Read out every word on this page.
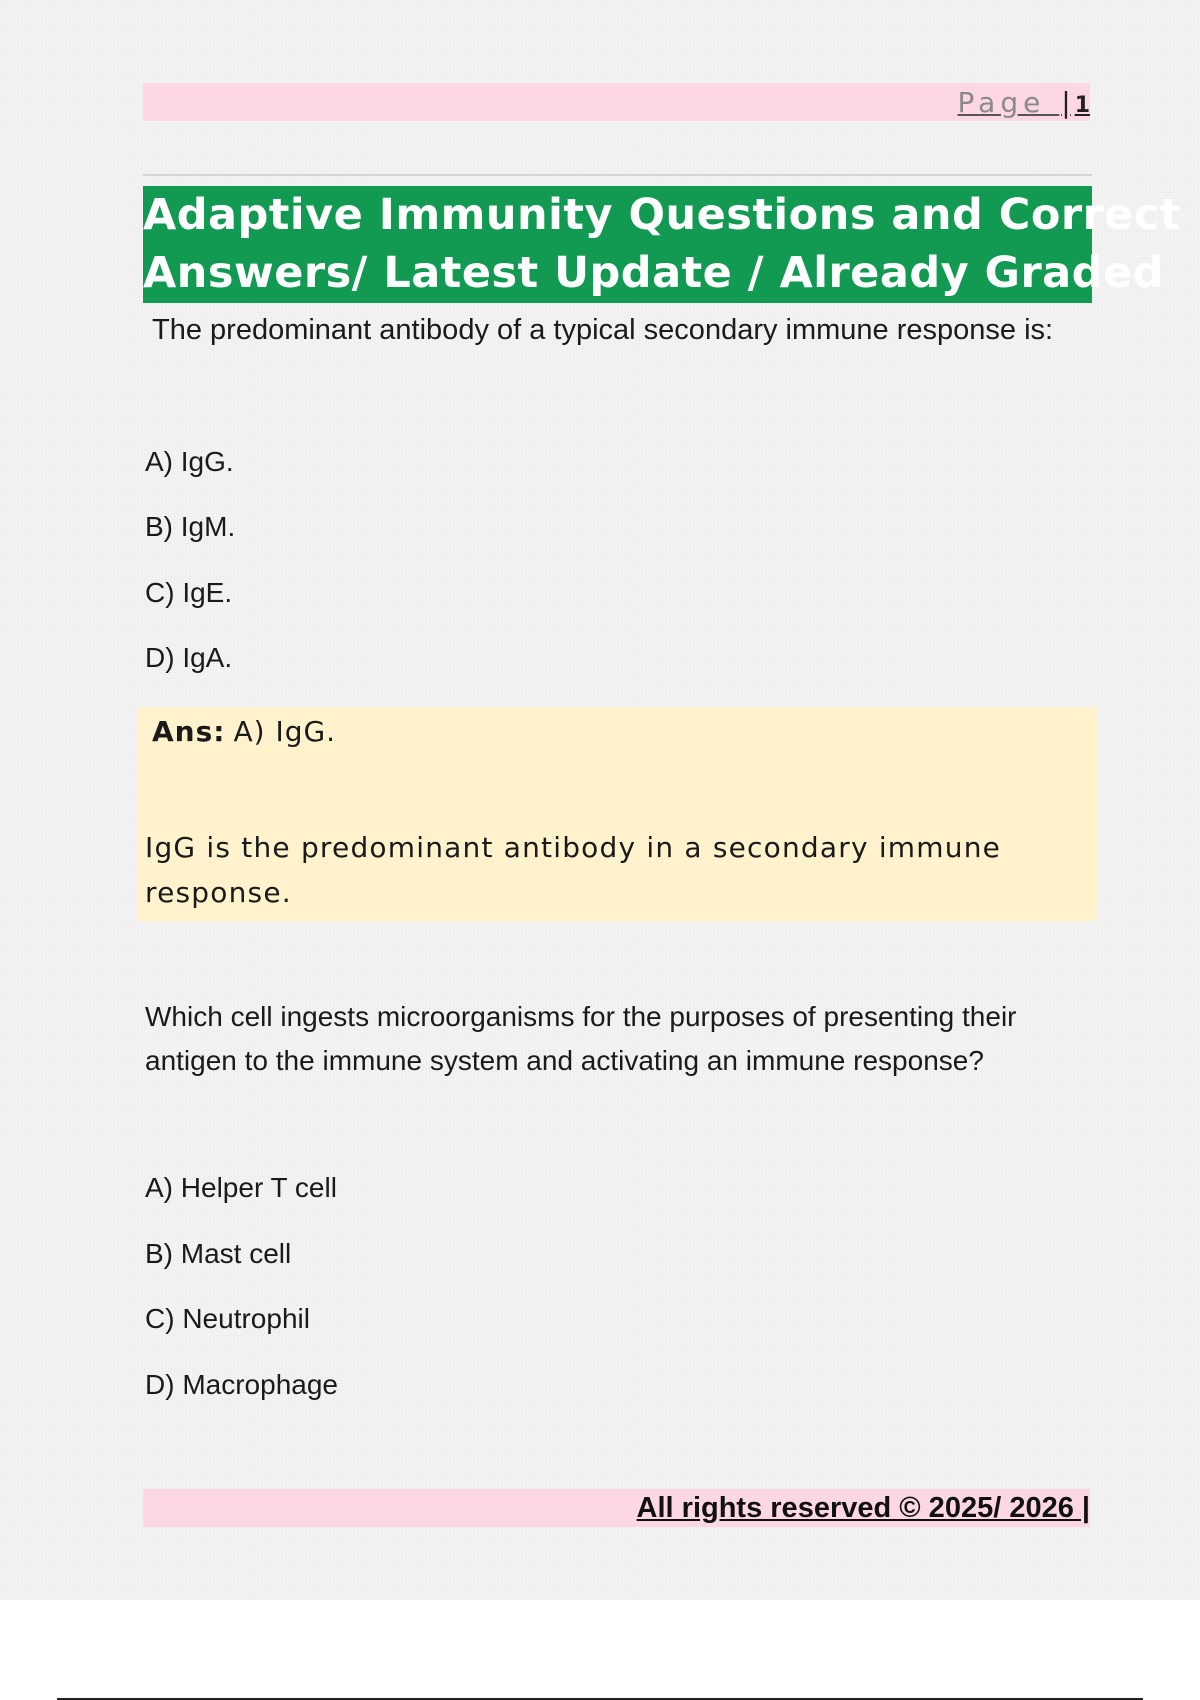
Page | 1
Adaptive Immunity Questions and Correct
Answers/ Latest Update / Already Graded
The predominant antibody of a typical secondary immune response is:
A) IgG.
B) IgM.
C) IgE.
D) IgA.
Ans: A) IgG.
IgG is the predominant antibody in a secondary immune response.
Which cell ingests microorganisms for the purposes of presenting their antigen to the immune system and activating an immune response?
A) Helper T cell
B) Mast cell
C) Neutrophil
D) Macrophage
All rights reserved © 2025/ 2026 |
